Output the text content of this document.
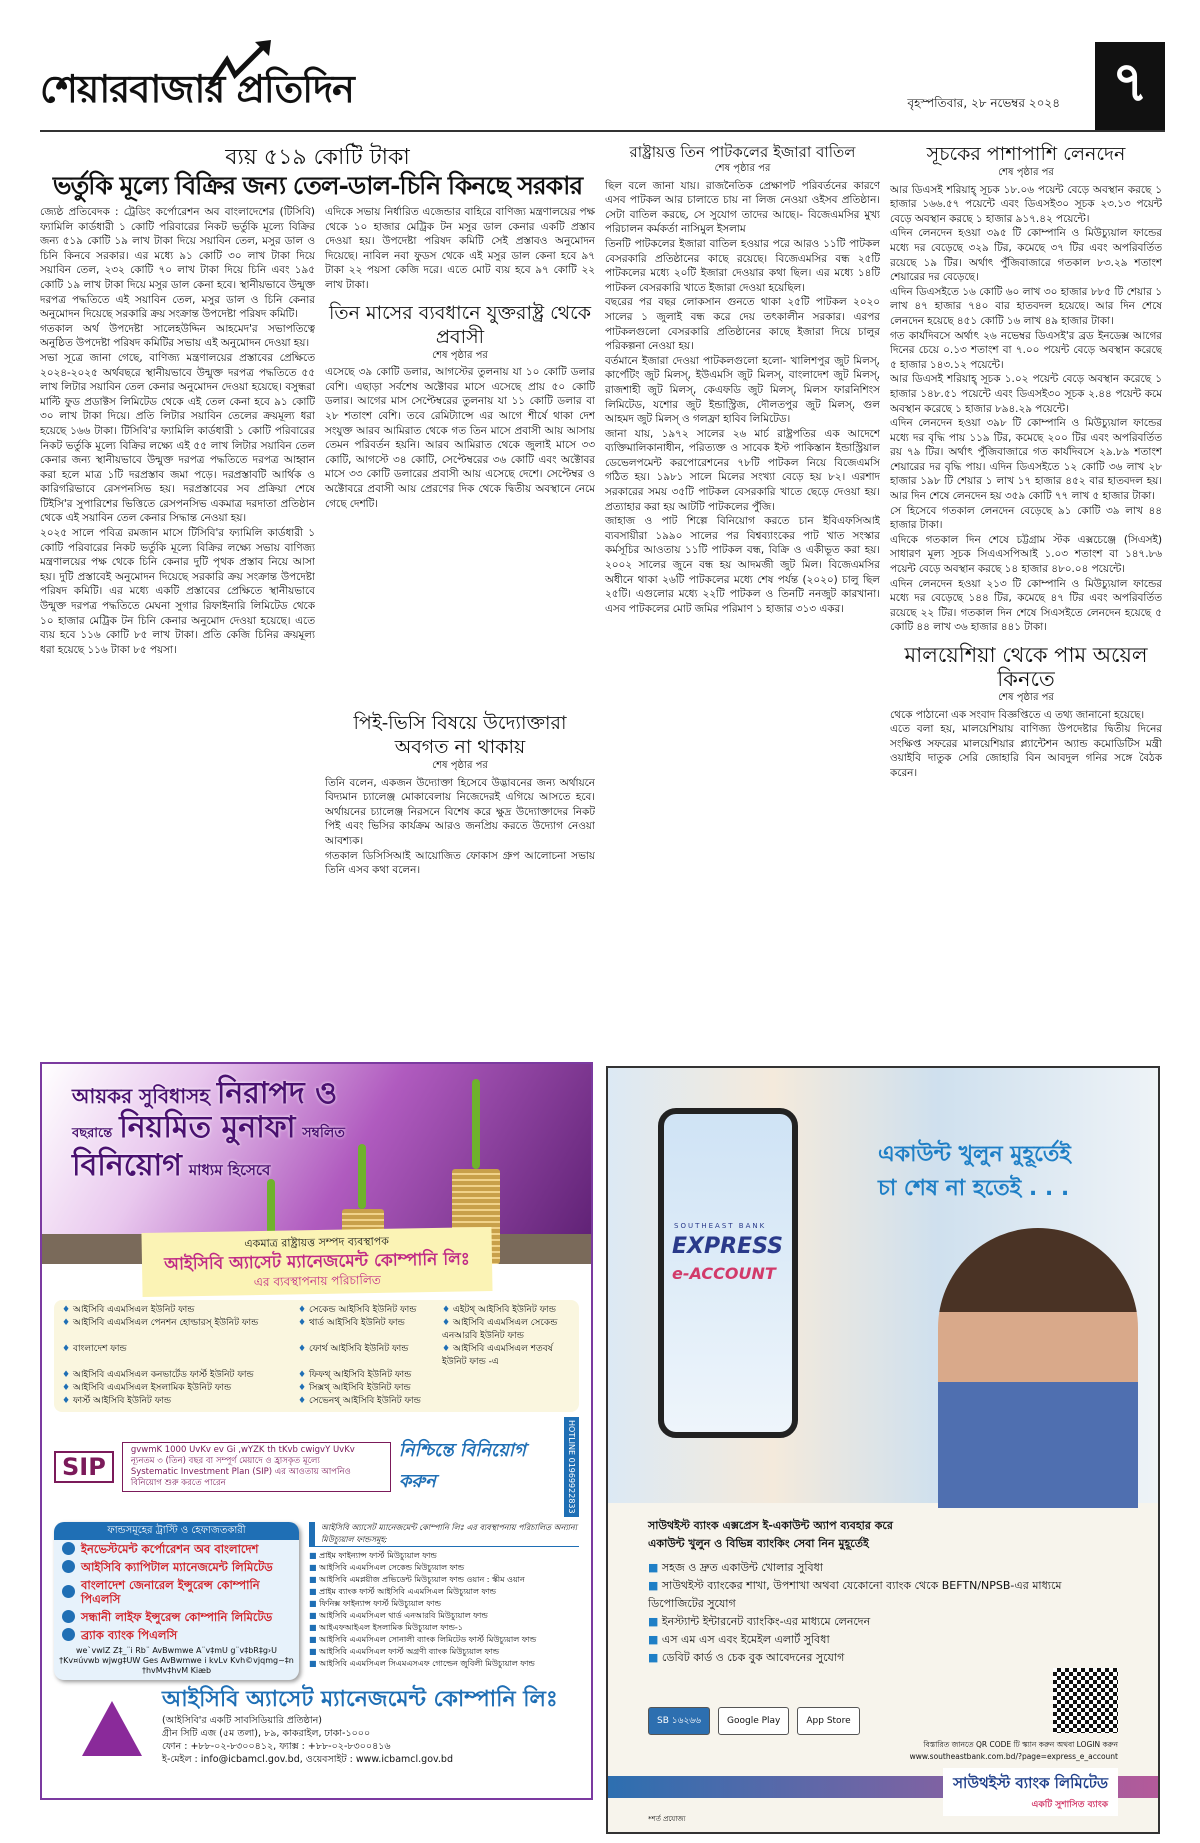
শেয়ারবাজার প্রতিদিন	বৃহস্পতিবার, ২৮ নভেম্বর ২০২৪ ৭
ব্যয় ৫১৯ কোটি টাকা
ভর্তুকি মূল্যে বিক্রির জন্য তেল-ডাল-চিনি কিনছে সরকার

জ্যেষ্ঠ প্রতিবেদক : ট্রেডিং কর্পোরেশন অব বাংলাদেশের (টিসিবি) ফ্যামিলি কার্ডধারী ১ কোটি পরিবারের নিকট ভর্তুকি মূল্যে বিক্রির জন্য ৫১৯ কোটি ১৯ লাখ টাকা দিয়ে সয়াবিন তেল, মসুর ডাল ও চিনি কিনবে সরকার। এর মধ্যে ৯১ কোটি ৩০ লাখ টাকা দিয়ে সয়াবিন তেল, ২৩২ কোটি ৭০ লাখ টাকা দিয়ে চিনি এবং ১৯৫ কোটি ১৯ লাখ টাকা দিয়ে মসুর ডাল কেনা হবে। স্থানীয়ভাবে উন্মুক্ত দরপত্র পদ্ধতিতে এই সয়াবিন তেল, মসুর ডাল ও চিনি কেনার অনুমোদন দিয়েছে সরকারি ক্রয় সংক্রান্ত উপদেষ্টা পরিষদ কমিটি।

গতকাল অর্থ উপদেষ্টা সালেহউদ্দিন আহমেদ'র সভাপতিত্বে অনুষ্ঠিত উপদেষ্টা পরিষদ কমিটির সভায় এই অনুমোদন দেওয়া হয়।

সভা সূত্রে জানা গেছে, বাণিজ্য মন্ত্রণালয়ের প্রস্তাবের প্রেক্ষিতে ২০২৪-২০২৫ অর্থবছরে স্থানীয়ভাবে উন্মুক্ত দরপত্র পদ্ধতিতে ৫৫ লাখ লিটার সয়াবিন তেল কেনার অনুমোদন দেওয়া হয়েছে। বসুন্ধরা মাল্টি ফুড প্রডাক্টস লিমিটেড থেকে এই তেল কেনা হবে ৯১ কোটি ৩০ লাখ টাকা দিয়ে। প্রতি লিটার সয়াবিন তেলের ক্রয়মূল্য ধরা হয়েছে ১৬৬ টাকা। টিসিবি'র ফ্যামিলি কার্ডধারী ১ কোটি পরিবারের নিকট ভর্তুকি মূল্যে বিক্রির লক্ষ্যে এই ৫৫ লাখ লিটার সয়াবিন তেল কেনার জন্য স্থানীয়ভাবে উন্মুক্ত দরপত্র পদ্ধতিতে দরপত্র আহ্বান করা হলে মাত্র ১টি দরপ্রস্তাব জমা পড়ে। দরপ্রস্তাবটি আর্থিক ও কারিগরিভাবে রেসপনসিভ হয়। দরপ্রস্তাবের সব প্রক্রিয়া শেষে টিইসি'র সুপারিশের ভিত্তিতে রেসপনসিভ একমাত্র দরদাতা প্রতিষ্ঠান থেকে এই সয়াবিন তেল কেনার সিদ্ধান্ত নেওয়া হয়।

২০২৫ সালে পবিত্র রমজান মাসে টিসিবি'র ফ্যামিলি কার্ডধারী ১ কোটি পরিবারের নিকট ভর্তুকি মূল্যে বিক্রির লক্ষ্যে সভায় বাণিজ্য মন্ত্রণালয়ের পক্ষ থেকে চিনি কেনার দুটি পৃথক প্রস্তাব নিয়ে আসা হয়। দুটি প্রস্তাবেই অনুমোদন দিয়েছে সরকারি ক্রয় সংক্রান্ত উপদেষ্টা পরিষদ কমিটি। এর মধ্যে একটি প্রস্তাবের প্রেক্ষিতে স্থানীয়ভাবে উন্মুক্ত দরপত্র পদ্ধতিতে মেঘনা সুগার রিফাইনারি লিমিটেড থেকে ১০ হাজার মেট্রিক টন চিনি কেনার অনুমোদ দেওয়া হয়েছে। এতে ব্যয় হবে ১১৬ কোটি ৮৫ লাখ টাকা। প্রতি কেজি চিনির ক্রয়মূল্য ধরা হয়েছে ১১৬ টাকা ৮৫ পয়সা।

এদিকে সভায় নির্ধারিত এজেন্ডার বাহিরে বাণিজ্য মন্ত্রণালয়ের পক্ষ থেকে ১০ হাজার মেট্রিক টন মসুর ডাল কেনার একটি প্রস্তাব দেওয়া হয়। উপদেষ্টা পরিষদ কমিটি সেই প্রস্তাবও অনুমোদন দিয়েছে। নাবিল নবা ফুডস থেকে এই মসুর ডাল কেনা হবে ৯৭ টাকা ২২ পয়সা কেজি দরে। এতে মোট ব্যয় হবে ৯৭ কোটি ২২ লাখ টাকা।

তিন মাসের ব্যবধানে যুক্তরাষ্ট্র থেকে প্রবাসী
শেষ পৃষ্ঠার পর

এসেছে ৩৯ কোটি ডলার, আগস্টের তুলনায় যা ১০ কোটি ডলার বেশি। এছাড়া সর্বশেষ অক্টোবর মাসে এসেছে প্রায় ৫০ কোটি ডলার। আগের মাস সেপ্টেম্বরের তুলনায় যা ১১ কোটি ডলার বা ২৮ শতাংশ বেশি। তবে রেমিট্যান্সে এর আগে শীর্ষে থাকা দেশ সংযুক্ত আরব আমিরাত থেকে গত তিন মাসে প্রবাসী আয় আসায় তেমন পরিবর্তন হয়নি। আরব আমিরাত থেকে জুলাই মাসে ৩৩ কোটি, আগস্টে ৩৪ কোটি, সেপ্টেম্বরের ৩৬ কোটি এবং অক্টোবর মাসে ৩৩ কোটি ডলারের প্রবাসী আয় এসেছে দেশে। সেপ্টেম্বর ও অক্টোবরে প্রবাসী আয় প্রেরণের দিক থেকে দ্বিতীয় অবস্থানে নেমে গেছে দেশটি।

পিই-ভিসি বিষয়ে উদ্যোক্তারা অবগত না থাকায়
শেষ পৃষ্ঠার পর

তিনি বলেন, একজন উদ্যোক্তা হিসেবে উদ্ভাবনের জন্য অর্থায়নে বিদ্যমান চ্যালেঞ্জ মোকাবেলায় নিজেদেরই এগিয়ে আসতে হবে। অর্থায়নের চ্যালেঞ্জ নিরসনে বিশেষ করে ক্ষুদ্র উদ্যোক্তাদের নিকট পিই এবং ভিসির কার্যক্রম আরও জনপ্রিয় করতে উদ্যোগ নেওয়া আবশ্যক।

গতকাল ডিসিসিআই আয়োজিত ফোকাস গ্রুপ আলোচনা সভায় তিনি এসব কথা বলেন।

রাষ্ট্রায়ত্ত তিন পাটকলের ইজারা বাতিল
শেষ পৃষ্ঠার পর

ছিল বলে জানা যায়। রাজনৈতিক প্রেক্ষাপট পরিবর্তনের কারণে এসব পাটকল আর চালাতে চায় না লিজ নেওয়া ওইসব প্রতিষ্ঠান। সেটা বাতিল করছে, সে সুযোগ তাদের আছে।- বিজেএমসির মুখ্য পরিচালন কর্মকর্তা নাসিমুল ইসলাম

তিনটি পাটকলের ইজারা বাতিল হওয়ার পরে আরও ১১টি পাটকল বেসরকারি প্রতিষ্ঠানের কাছে রয়েছে। বিজেএমসির বন্ধ ২৫টি পাটকলের মধ্যে ২০টি ইজারা দেওয়ার কথা ছিল। এর মধ্যে ১৪টি পাটকল বেসরকারি খাতে ইজারা দেওয়া হয়েছিল।

বছরের পর বছর লোকসান গুনতে থাকা ২৫টি পাটকল ২০২০ সালের ১ জুলাই বন্ধ করে দেয় তৎকালীন সরকার। এরপর পাটকলগুলো বেসরকারি প্রতিষ্ঠানের কাছে ইজারা দিয়ে চালুর পরিকল্পনা নেওয়া হয়।

বর্তমানে ইজারা দেওয়া পাটকলগুলো হলো- খালিশপুর জুট মিলস্, কার্পেটিং জুট মিলস্, ইউএমসি জুট মিলস্, বাংলাদেশ জুট মিলস্, রাজশাহী জুট মিলস্, কেএফডি জুট মিলস্, মিলস ফারনিশিংস লিমিটেড, যশোর জুট ইন্ডাস্ট্রিজ, দৌলতপুর জুট মিলস্, গুল আহমদ জুট মিলস্ ও গলফ্রা হাবিব লিমিটেড।

জানা যায়, ১৯৭২ সালের ২৬ মার্চ রাষ্ট্রপতির এক আদেশে ব্যক্তিমালিকানাধীন, পরিত্যক্ত ও সাবেক ইস্ট পাকিস্তান ইন্ডাস্ট্রিয়াল ডেভেলপমেন্ট করপোরেশনের ৭৮টি পাটকল নিয়ে বিজেএমসি গঠিত হয়। ১৯৮১ সালে মিলের সংখ্যা বেড়ে হয় ৮২। এরশাদ সরকারের সময় ৩৫টি পাটকল বেসরকারি খাতে ছেড়ে দেওয়া হয়। প্রত্যাহার করা হয় আটটি পাটকলের পুঁজি।

জাহাজ ও পাট শিল্পে বিনিয়োগ করতে চান ইবিএফসিআই ব্যবসায়ীরা ১৯৯০ সালের পর বিশ্বব্যাংকের পাট খাত সংস্কার কর্মসূচির আওতায় ১১টি পাটকল বন্ধ, বিক্রি ও একীভূত করা হয়। ২০০২ সালের জুনে বন্ধ হয় আদমজী জুট মিল। বিজেএমসির অধীনে থাকা ২৬টি পাটকলের মধ্যে শেষ পর্যন্ত (২০২০) চালু ছিল ২৫টি। এগুলোর মধ্যে ২২টি পাটকল ও তিনটি ননজুট কারখানা। এসব পাটকলের মোট জমির পরিমাণ ১ হাজার ৩১৩ একর।

সূচকের পাশাপাশি লেনদেন
শেষ পৃষ্ঠার পর

আর ডিএসই শরিয়াহ্ সূচক ১৮.০৬ পয়েন্ট বেড়ে অবস্থান করছে ১ হাজার ১৬৬.৫৭ পয়েন্টে এবং ডিএসই৩০ সূচক ২৩.১৩ পয়েন্ট বেড়ে অবস্থান করছে ১ হাজার ৯১৭.৪২ পয়েন্টে।

এদিন লেনদেন হওয়া ৩৯৫ টি কোম্পানি ও মিউচ্যুয়াল ফান্ডের মধ্যে দর বেড়েছে ৩২৯ টির, কমেছে ৩৭ টির এবং অপরিবর্তিত রয়েছে ১৯ টির। অর্থাৎ পুঁজিবাজারে গতকাল ৮৩.২৯ শতাংশ শেয়ারের দর বেড়েছে।

এদিন ডিএসইতে ১৬ কোটি ৬০ লাখ ৩০ হাজার ৮৮৫ টি শেয়ার ১ লাখ ৪৭ হাজার ৭৪০ বার হাতবদল হয়েছে। আর দিন শেষে লেনদেন হয়েছে ৪৫১ কোটি ১৬ লাখ ৪৯ হাজার টাকা।

গত কার্যদিবসে অর্থাৎ ২৬ নভেম্বর ডিএসই'র ব্রড ইনডেক্স আগের দিনের চেয়ে ০.১৩ শতাংশ বা ৭.০০ পয়েন্ট বেড়ে অবস্থান করেছে ৫ হাজার ১৪৩.১২ পয়েন্টে।

আর ডিএসই শরিয়াহ্ সূচক ১.০২ পয়েন্ট বেড়ে অবস্থান করেছে ১ হাজার ১৪৮.৫১ পয়েন্টে এবং ডিএসই৩০ সূচক ২.৪৪ পয়েন্ট কমে অবস্থান করেছে ১ হাজার ৮৯৪.২৯ পয়েন্টে।

এদিন লেনদেন হওয়া ৩৯৮ টি কোম্পানি ও মিউচ্যুয়াল ফান্ডের মধ্যে দর বৃদ্ধি পায় ১১৯ টির, কমেছে ২০০ টির এবং অপরিবর্তিত রয় ৭৯ টির। অর্থাৎ পুঁজিবাজারে গত কার্যদিবসে ২৯.৮৯ শতাংশ শেয়ারের দর বৃদ্ধি পায়। এদিন ডিএসইতে ১২ কোটি ৩৬ লাখ ২৮ হাজার ১৯৮ টি শেয়ার ১ লাখ ১৭ হাজার ৪৫২ বার হাতবদল হয়। আর দিন শেষে লেনদেন হয় ৩৫৯ কোটি ৭৭ লাখ ৫ হাজার টাকা।

সে হিসেবে গতকাল লেনদেন বেড়েছে ৯১ কোটি ৩৯ লাখ ৪৪ হাজার টাকা।

এদিকে গতকাল দিন শেষে চট্টগ্রাম স্টক এক্সচেঞ্জে (সিএসই) সাধারণ মূল্য সূচক সিএএসপিআই ১.০৩ শতাংশ বা ১৪৭.৮৬ পয়েন্ট বেড়ে অবস্থান করছে ১৪ হাজার ৪৮০.০৪ পয়েন্টে।

এদিন লেনদেন হওয়া ২১৩ টি কোম্পানি ও মিউচ্যুয়াল ফান্ডের মধ্যে দর বেড়েছে ১৪৪ টির, কমেছে ৪৭ টির এবং অপরিবর্তিত রয়েছে ২২ টির। গতকাল দিন শেষে সিএসইতে লেনদেন হয়েছে ৫ কোটি ৪৪ লাখ ৩৬ হাজার ৪৪১ টাকা।

মালয়েশিয়া থেকে পাম অয়েল কিনতে
শেষ পৃষ্ঠার পর

থেকে পাঠানো এক সংবাদ বিজ্ঞপ্তিতে এ তথ্য জানানো হয়েছে।

এতে বলা হয়, মালয়েশিয়ায় বাণিজ্য উপদেষ্টার দ্বিতীয় দিনের সংক্ষিপ্ত সফরের মালয়েশিয়ার প্ল্যান্টেশন অ্যান্ড কমোডিটিস মন্ত্রী ওয়াইবি দাতুক সেরি জোহারি বিন আবদুল গনির সঙ্গে বৈঠক করেন।

আয়কর সুবিধাসহ নিরাপদ ও
বছরান্তে নিয়মিত মুনাফা সম্বলিত
বিনিয়োগ মাধ্যম হিসেবে
একমাত্র রাষ্ট্রায়ত্ত সম্পদ ব্যবস্থাপক
আইসিবি অ্যাসেট ম্যানেজমেন্ট কোম্পানি লিঃ
এর ব্যবস্থাপনায় পরিচালিত
♦ আইসিবি এএমসিএল ইউনিট ফান্ড	♦ সেকেন্ড আইসিবি ইউনিট ফান্ড	♦ এইটথ্ আইসিবি ইউনিট ফান্ড
♦ আইসিবি এএমসিএল পেনশন হোল্ডারস্ ইউনিট ফান্ড	♦ থার্ড আইসিবি ইউনিট ফান্ড	♦ আইসিবি এএমসিএল সেকেন্ড এনআরবি ইউনিট ফান্ড
♦ বাংলাদেশ ফান্ড	♦ ফোর্থ আইসিবি ইউনিট ফান্ড	♦ আইসিবি এএমসিএল শতবর্ষ ইউনিট ফান্ড -এ
♦ আইসিবি এএমসিএল কনভার্টেড ফার্স্ট ইউনিট ফান্ড	♦ ফিফথ্ আইসিবি ইউনিট ফান্ড
♦ আইসিবি এএমসিএল ইসলামিক ইউনিট ফান্ড	♦ সিক্সথ্ আইসিবি ইউনিট ফান্ড
♦ ফার্স্ট আইসিবি ইউনিট ফান্ড	♦ সেভেনথ্ আইসিবি ইউনিট ফান্ড
SIP
gvwmK 1000 UvKv ev Gi ,wYZK th tKvb cwigvY UvKv
ন্যূনতম ৩ (তিন) বছর বা সম্পূর্ণ মেয়াদে ও হ্রাসকৃত মূল্যে
Systematic Investment Plan (SIP) এর আওতায় আপনিও বিনিয়োগ শুরু করতে পারেন
নিশ্চিন্তে বিনিয়োগ করুন	HOTLINE 01969922833
ফান্ডসমূহের ট্রাস্টি ও হেফাজতকারী
ইনভেস্টমেন্ট কর্পোরেশন অব বাংলাদেশ
আইসিবি ক্যাপিটাল ম্যানেজমেন্ট লিমিটেড
বাংলাদেশ জেনারেল ইন্সুরেন্স কোম্পানি পিএলসি
সন্ধানী লাইফ ইন্সুরেন্স কোম্পানি লিমিটেড
ব্র্যাক ব্যাংক পিএলসি
we`vwlZ Z‡_¨i Rb¨ AvBwmwe A¨v‡mU g¨v‡bR‡g›U †Kv¤úvwb wjwg‡UW Ges AvBwmwe i kvLv Kvh©vjqmg~‡n †hvMv‡hvM Kiæb
আইসিবি অ্যাসেট ম্যানেজমেন্ট কোম্পানি লিঃ এর ব্যবস্থাপনায় পরিচালিত অন্যান্য মিউচ্যুয়াল ফান্ডসমূহ:
■ প্রাইম ফাইন্যান্স ফার্স্ট মিউচ্যুয়াল ফান্ড
■ আইসিবি এএমসিএল সেকেন্ড মিউচ্যুয়াল ফান্ড
■ আইসিবি এমপ্লয়ীজ প্রভিডেন্ট মিউচ্যুয়াল ফান্ড ওয়ান : স্কীম ওয়ান
■ প্রাইম ব্যাংক ফার্স্ট আইসিবি এএমসিএল মিউচ্যুয়াল ফান্ড
■ ফিনিক্স ফাইন্যান্স ফার্স্ট মিউচ্যুয়াল ফান্ড
■ আইসিবি এএমসিএল থার্ড এনআরবি মিউচ্যুয়াল ফান্ড
■ আইএফআইএল ইসলামিক মিউচ্যুয়াল ফান্ড-১
■ আইসিবি এএমসিএল সোনালী ব্যাংক লিমিটেড ফার্স্ট মিউচ্যুয়াল ফান্ড
■ আইসিবি এএমসিএল ফার্স্ট অগ্রণী ব্যাংক মিউচ্যুয়াল ফান্ড
■ আইসিবি এএমসিএল সিএমএসএফ গোল্ডেন জুবিলী মিউচ্যুয়াল ফান্ড
আইসিবি অ্যাসেট ম্যানেজমেন্ট কোম্পানি লিঃ
(আইসিবি'র একটি সাবসিডিয়ারি প্রতিষ্ঠান)
গ্রীন সিটি এজ (৫ম তলা), ৮৯, কাকরাইল, ঢাকা-১০০০
ফোন : +৮৮-০২-৮৩০০৪১২, ফ্যাক্স : +৮৮-০২-৮৩০০৪১৬
ই-মেইল : info@icbamcl.gov.bd, ওয়েবসাইট : www.icbamcl.gov.bd
SOUTHEAST BANK
EXPRESS
e-ACCOUNT
একাউন্ট খুলুন মুহূর্তেই
চা শেষ না হতেই . . .
সাউথইস্ট ব্যাংক এক্সপ্রেস ই-একাউন্ট অ্যাপ ব্যবহার করে
একাউন্ট খুলুন ও বিভিন্ন ব্যাংকিং সেবা নিন মুহূর্তেই
■ সহজ ও দ্রুত একাউন্ট খোলার সুবিধা
■ সাউথইস্ট ব্যাংকের শাখা, উপশাখা অথবা যেকোনো ব্যাংক থেকে BEFTN/NPSB-এর মাধ্যমে ডিপোজিটের সুযোগ
■ ইনস্ট্যান্ট ইন্টারনেট ব্যাংকিং-এর মাধ্যমে লেনদেন
■ এস এম এস এবং ইমেইল এলার্ট সুবিধা
■ ডেবিট কার্ড ও চেক বুক আবেদনের সুযোগ
SB ১৬২৬৬	Google Play	App Store
বিস্তারিত জানতে QR CODE টি স্ক্যান করুন অথবা LOGIN করুন
www.southeastbank.com.bd/?page=express_e_account
সাউথইস্ট ব্যাংক লিমিটেড
একটি সুশাসিত ব্যাংক
*শর্ত প্রযোজ্য
